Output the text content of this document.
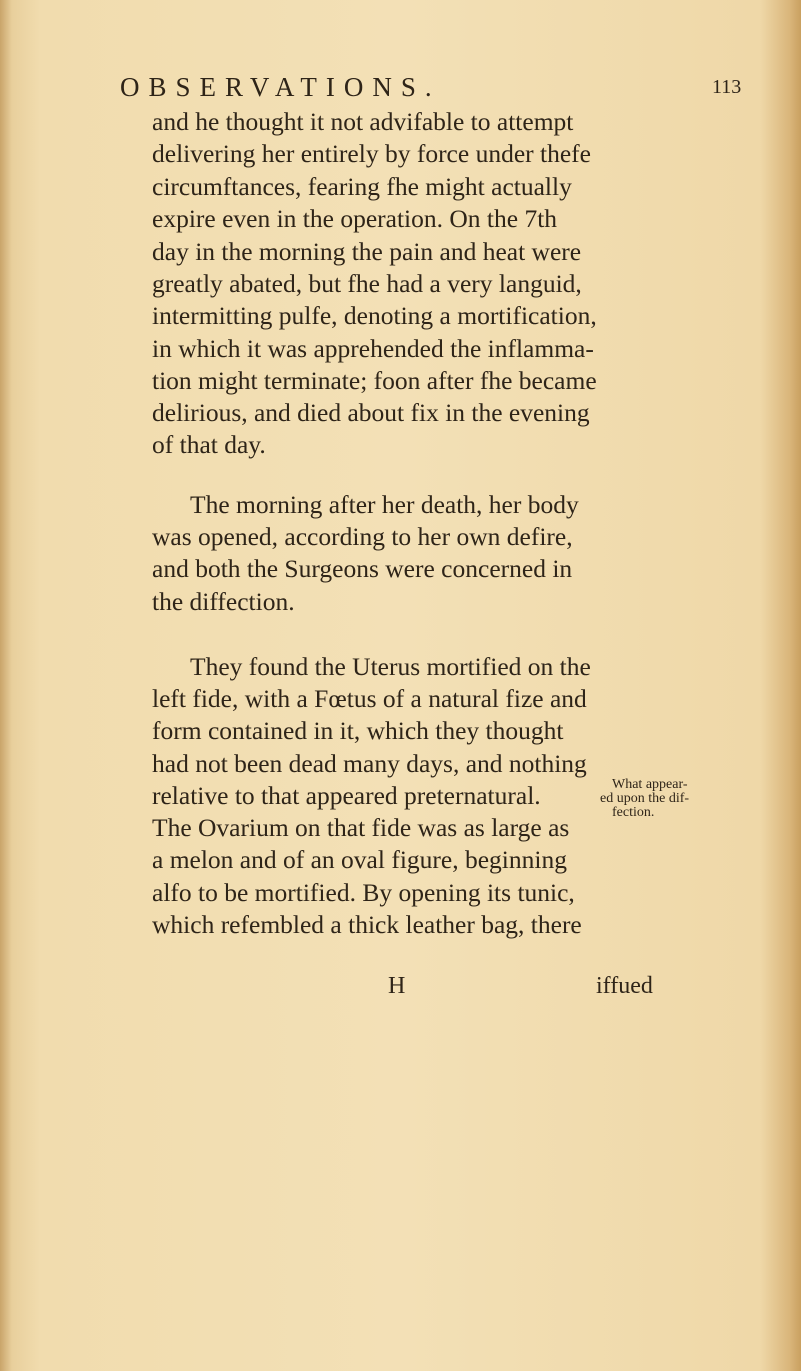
OBSERVATIONS.	113
and he thought it not advifable to attempt
delivering her entirely by force under thefe
circumftances, fearing fhe might actually
expire even in the operation. On the 7th
day in the morning the pain and heat were
greatly abated, but fhe had a very languid,
intermitting pulfe, denoting a mortification,
in which it was apprehended the inflamma-
tion might terminate; foon after fhe became
delirious, and died about fix in the evening
of that day.
The morning after her death, her body
was opened, according to her own defire,
and both the Surgeons were concerned in
the diffection.
They found the Uterus mortified on the
left fide, with a Fœtus of a natural fize and
form contained in it, which they thought
had not been dead many days, and nothing
relative to that appeared preternatural.
The Ovarium on that fide was as large as
a melon and of an oval figure, beginning
alfo to be mortified. By opening its tunic,
which refembled a thick leather bag, there
What appear-
ed upon the dif-
fection.
H	iffued
